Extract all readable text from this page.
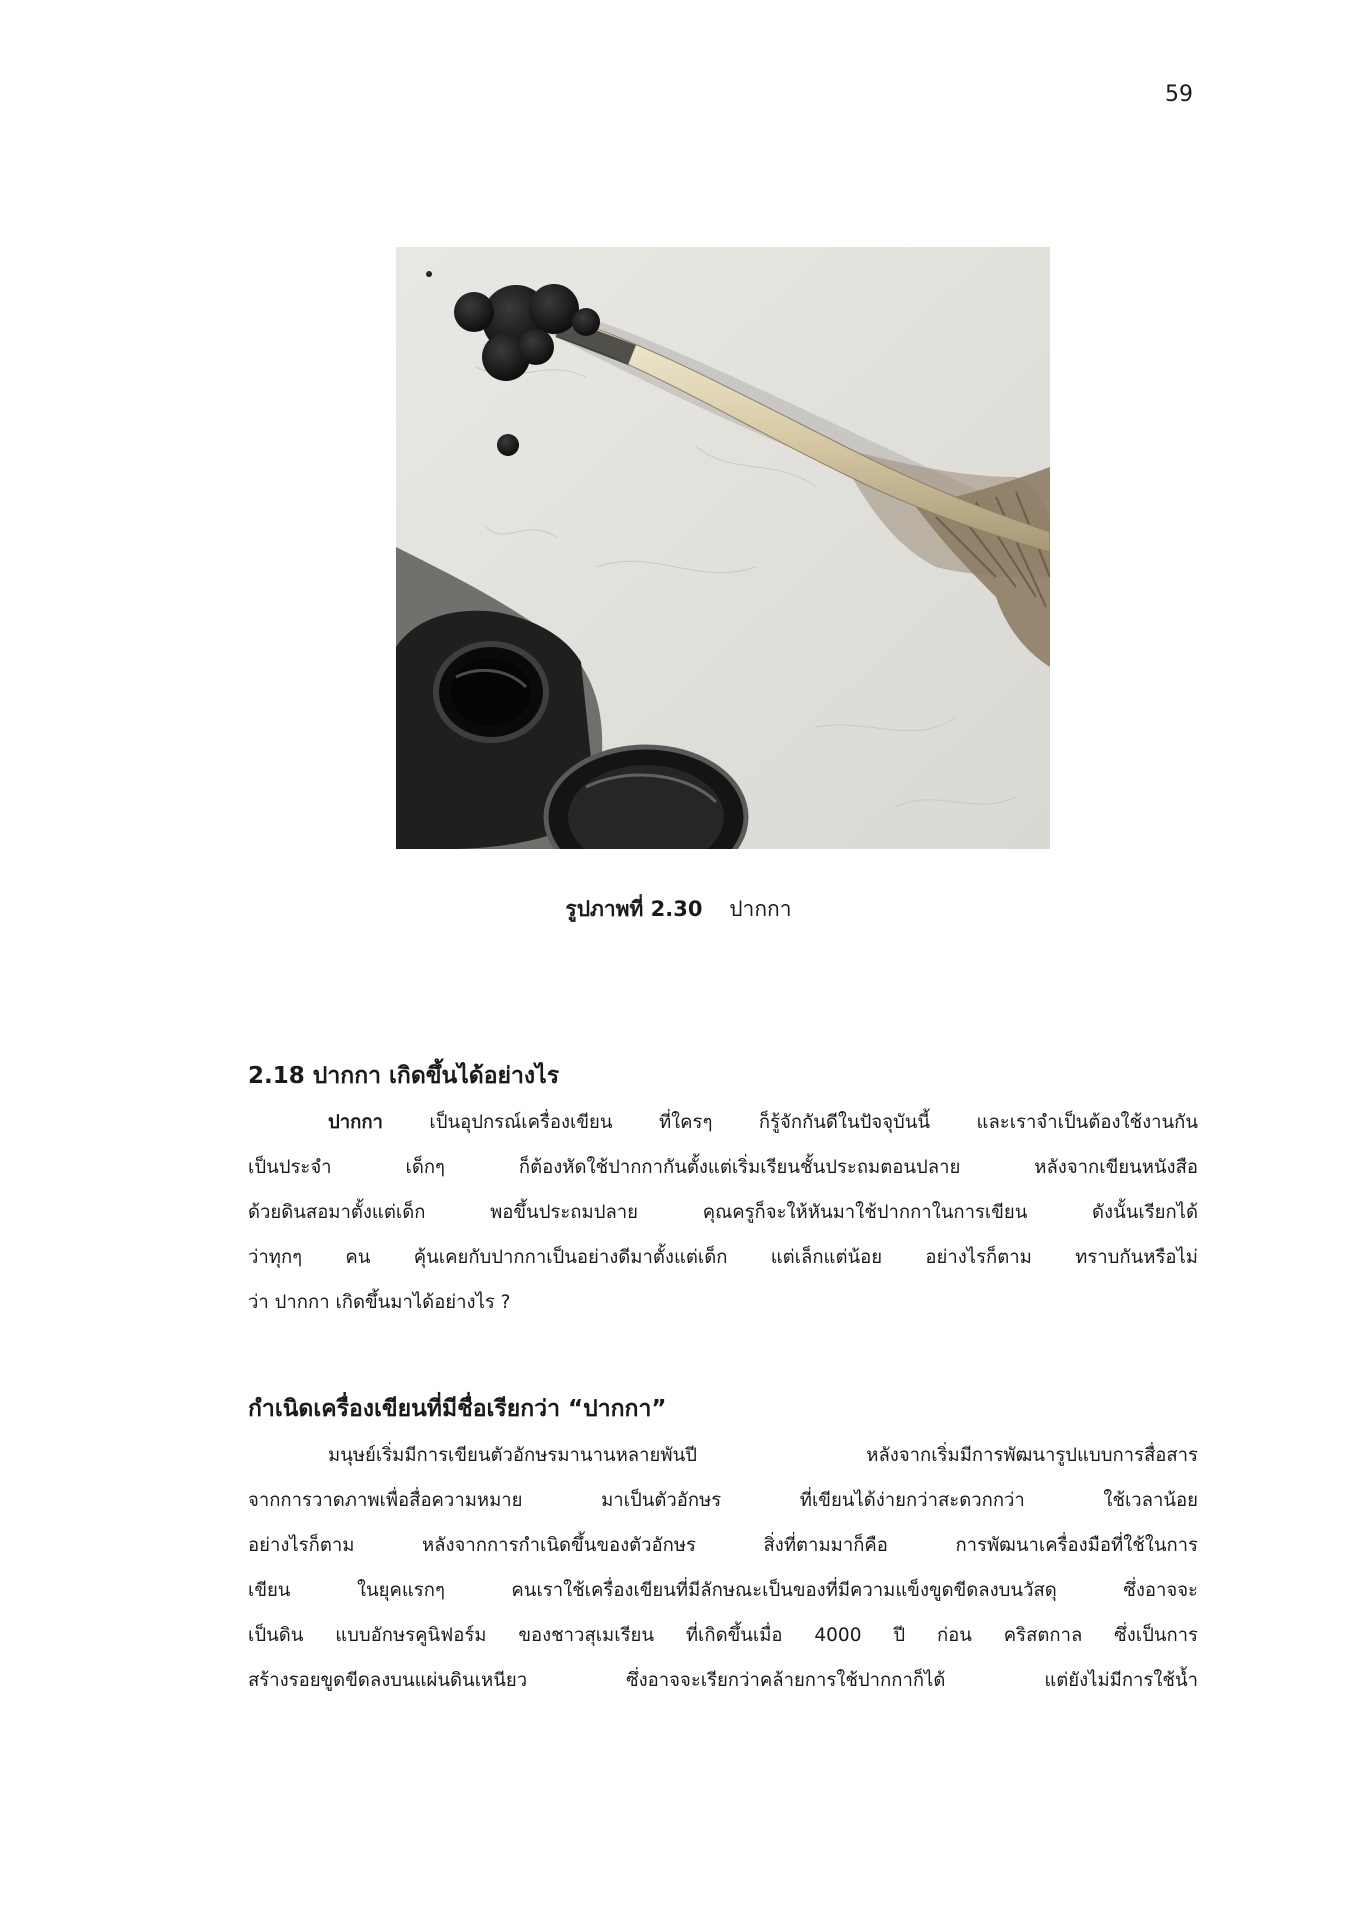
59
รูปภาพที่ 2.30 ปากกา
2.18 ปากกา เกิดขึ้นได้อย่างไร
ปากกา เป็นอุปกรณ์เครื่องเขียน ที่ใครๆ ก็รู้จักกันดีในปัจจุบันนี้ และเราจำเป็นต้องใช้งานกัน
เป็นประจำ เด็กๆ ก็ต้องหัดใช้ปากกากันตั้งแต่เริ่มเรียนชั้นประถมตอนปลาย หลังจากเขียนหนังสือ
ด้วยดินสอมาตั้งแต่เด็ก พอขึ้นประถมปลาย คุณครูก็จะให้หันมาใช้ปากกาในการเขียน ดังนั้นเรียกได้
ว่าทุกๆ คน คุ้นเคยกับปากกาเป็นอย่างดีมาตั้งแต่เด็ก แต่เล็กแต่น้อย อย่างไรก็ตาม ทราบกันหรือไม่
ว่า ปากกา เกิดขึ้นมาได้อย่างไร ?
กำเนิดเครื่องเขียนที่มีชื่อเรียกว่า “ปากกา”
มนุษย์เริ่มมีการเขียนตัวอักษรมานานหลายพันปี หลังจากเริ่มมีการพัฒนารูปแบบการสื่อสาร
จากการวาดภาพเพื่อสื่อความหมาย มาเป็นตัวอักษร ที่เขียนได้ง่ายกว่าสะดวกกว่า ใช้เวลาน้อย
อย่างไรก็ตาม หลังจากการกำเนิดขึ้นของตัวอักษร สิ่งที่ตามมาก็คือ การพัฒนาเครื่องมือที่ใช้ในการ
เขียน ในยุคแรกๆ คนเราใช้เครื่องเขียนที่มีลักษณะเป็นของที่มีความแข็งขูดขีดลงบนวัสดุ ซึ่งอาจจะ
เป็นดิน แบบอักษรคูนิฟอร์ม ของชาวสุเมเรียน ที่เกิดขึ้นเมื่อ 4000 ปี ก่อน คริสตกาล ซึ่งเป็นการ
สร้างรอยขูดขีดลงบนแผ่นดินเหนียว ซึ่งอาจจะเรียกว่าคล้ายการใช้ปากกาก็ได้ แต่ยังไม่มีการใช้น้ำ
